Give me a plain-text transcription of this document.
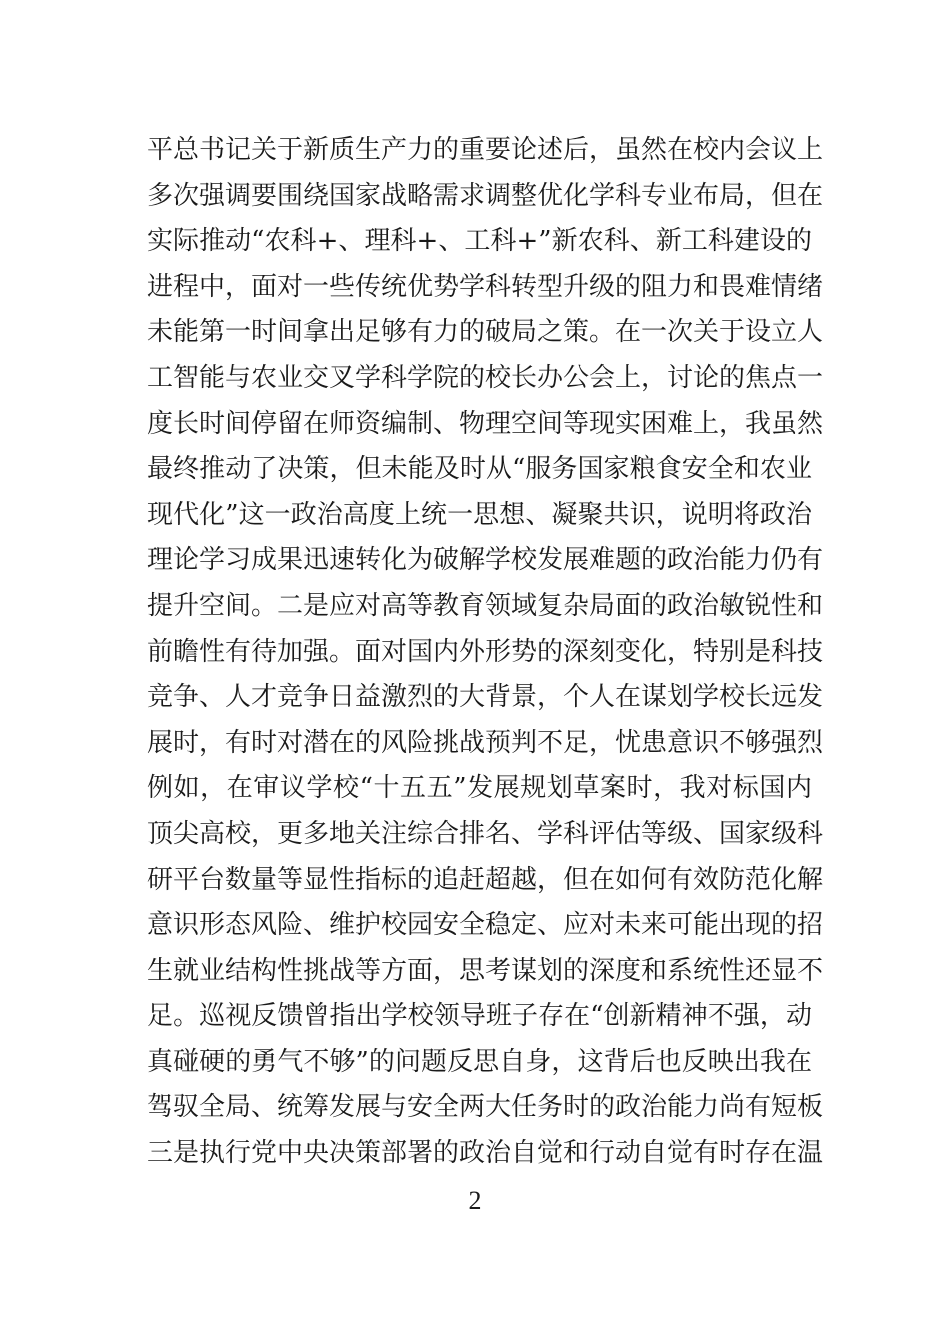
平总书记关于新质生产力的重要论述后，虽然在校内会议上
多次强调要围绕国家战略需求调整优化学科专业布局，但在
实际推动“农科+、理科+、工科+”新农科、新工科建设的
进程中，面对一些传统优势学科转型升级的阻力和畏难情绪
未能第一时间拿出足够有力的破局之策。在一次关于设立人
工智能与农业交叉学科学院的校长办公会上，讨论的焦点一
度长时间停留在师资编制、物理空间等现实困难上，我虽然
最终推动了决策，但未能及时从“服务国家粮食安全和农业
现代化”这一政治高度上统一思想、凝聚共识，说明将政治
理论学习成果迅速转化为破解学校发展难题的政治能力仍有
提升空间。二是应对高等教育领域复杂局面的政治敏锐性和
前瞻性有待加强。面对国内外形势的深刻变化，特别是科技
竞争、人才竞争日益激烈的大背景，个人在谋划学校长远发
展时，有时对潜在的风险挑战预判不足，忧患意识不够强烈
例如，在审议学校“十五五”发展规划草案时，我对标国内
顶尖高校，更多地关注综合排名、学科评估等级、国家级科
研平台数量等显性指标的追赶超越，但在如何有效防范化解
意识形态风险、维护校园安全稳定、应对未来可能出现的招
生就业结构性挑战等方面，思考谋划的深度和系统性还显不
足。巡视反馈曾指出学校领导班子存在“创新精神不强，动
真碰硬的勇气不够”的问题反思自身，这背后也反映出我在
驾驭全局、统筹发展与安全两大任务时的政治能力尚有短板
三是执行党中央决策部署的政治自觉和行动自觉有时存在温
2
